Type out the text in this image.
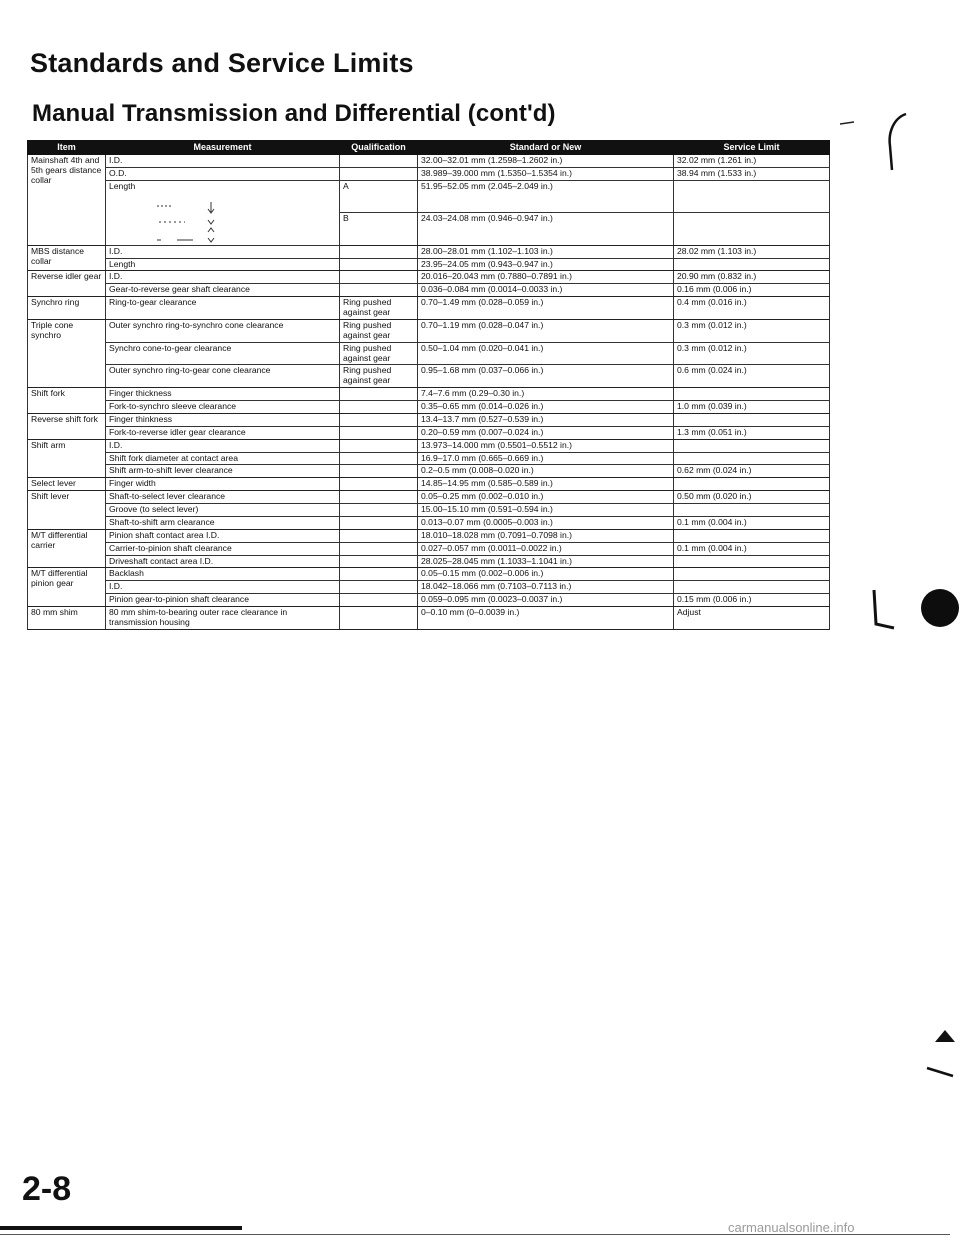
Standards and Service Limits
Manual Transmission and Differential (cont'd)
Item	Measurement	Qualification	Standard or New	Service Limit
Mainshaft 4th and 5th gears distance collar	I.D.		32.00–32.01 mm (1.2598–1.2602 in.)	32.02 mm (1.261 in.)
	O.D.		38.989–39.000 mm (1.5350–1.5354 in.)	38.94 mm (1.533 in.)
	Length	A	51.95–52.05 mm (2.045–2.049 in.)	
		B	24.03–24.08 mm (0.946–0.947 in.)	
MBS distance collar	I.D.		28.00–28.01 mm (1.102–1.103 in.)	28.02 mm (1.103 in.)
	Length		23.95–24.05 mm (0.943–0.947 in.)	
Reverse idler gear	I.D.		20.016–20.043 mm (0.7880–0.7891 in.)	20.90 mm (0.832 in.)
	Gear-to-reverse gear shaft clearance		0.036–0.084 mm (0.0014–0.0033 in.)	0.16 mm (0.006 in.)
Synchro ring	Ring-to-gear clearance	Ring pushed against gear	0.70–1.49 mm (0.028–0.059 in.)	0.4 mm (0.016 in.)
Triple cone synchro	Outer synchro ring-to-synchro cone clearance	Ring pushed against gear	0.70–1.19 mm (0.028–0.047 in.)	0.3 mm (0.012 in.)
	Synchro cone-to-gear clearance	Ring pushed against gear	0.50–1.04 mm (0.020–0.041 in.)	0.3 mm (0.012 in.)
	Outer synchro ring-to-gear cone clearance	Ring pushed against gear	0.95–1.68 mm (0.037–0.066 in.)	0.6 mm (0.024 in.)
Shift fork	Finger thickness		7.4–7.6 mm (0.29–0.30 in.)	
	Fork-to-synchro sleeve clearance		0.35–0.65 mm (0.014–0.026 in.)	1.0 mm (0.039 in.)
Reverse shift fork	Finger thinkness		13.4–13.7 mm (0.527–0.539 in.)	
	Fork-to-reverse idler gear clearance		0.20–0.59 mm (0.007–0.024 in.)	1.3 mm (0.051 in.)
Shift arm	I.D.		13.973–14.000 mm (0.5501–0.5512 in.)	
	Shift fork diameter at contact area		16.9–17.0 mm (0.665–0.669 in.)	
	Shift arm-to-shift lever clearance		0.2–0.5 mm (0.008–0.020 in.)	0.62 mm (0.024 in.)
Select lever	Finger width		14.85–14.95 mm (0.585–0.589 in.)	
Shift lever	Shaft-to-select lever clearance		0.05–0.25 mm (0.002–0.010 in.)	0.50 mm (0.020 in.)
	Groove (to select lever)		15.00–15.10 mm (0.591–0.594 in.)	
	Shaft-to-shift arm clearance		0.013–0.07 mm (0.0005–0.003 in.)	0.1 mm (0.004 in.)
M/T differential carrier	Pinion shaft contact area I.D.		18.010–18.028 mm (0.7091–0.7098 in.)	
	Carrier-to-pinion shaft clearance		0.027–0.057 mm (0.0011–0.0022 in.)	0.1 mm (0.004 in.)
	Driveshaft contact area I.D.		28.025–28.045 mm (1.1033–1.1041 in.)	
M/T differential pinion gear	Backlash		0.05–0.15 mm (0.002–0.006 in.)	
	I.D.		18.042–18.066 mm (0.7103–0.7113 in.)	
	Pinion gear-to-pinion shaft clearance		0.059–0.095 mm (0.0023–0.0037 in.)	0.15 mm (0.006 in.)
80 mm shim	80 mm shim-to-bearing outer race clearance in transmission housing		0–0.10 mm (0–0.0039 in.)	Adjust

2-8

carmanualsonline.info
